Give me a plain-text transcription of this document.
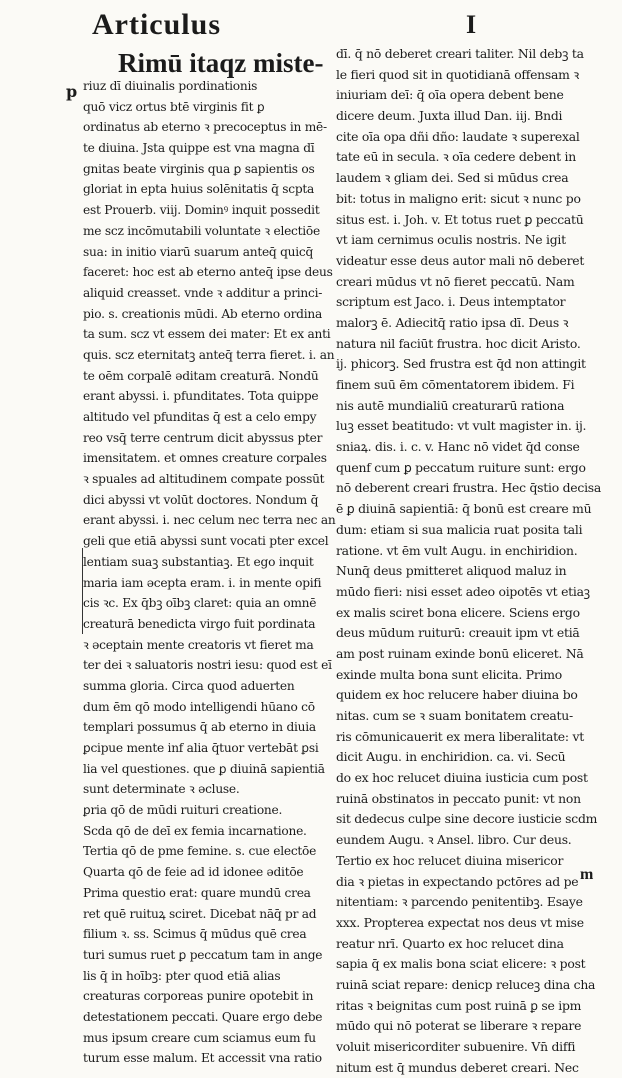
Articulus	I
Rimū itaqz miste-
p riuz dī diuinalis pordinationis
quō vicz ortus btē virginis fit ꝑ
ordinatus ab eterno ꝛ precoceptus in mē-
te diuina. Jsta quippe est vna magna dī
gnitas beate virginis qua ꝑ sapientis os
gloriat in epta huius solēnitatis q̄ scpta
est Prouerb. viij. Dominꝰ inquit possedit
me scz incōmutabili voluntate ꝛ electiōe
sua: in initio viarū suarum anteq̄ quicq̄
faceret: hoc est ab eterno anteq̄ ipse deus
aliquid creasset. vnde ꝛ additur a princi-
pio. s. creationis mūdi. Ab eterno ordina
ta sum. scz vt essem dei mater: Et ex anti
quis. scz eternitatꝫ anteq̄ terra fieret. i. an
te oēm corpalē əditam creaturā. Nondū
erant abyssi. i. pfunditates. Tota quippe
altitudo vel pfunditas q̄ est a celo empy
reo vsq̄ terre centrum dicit abyssus pter
imensitatem. et omnes creature corpales
ꝛ spuales ad altitudinem compate possūt
dici abyssi vt volūt doctores. Nondum q̄
erant abyssi. i. nec celum nec terra nec an
geli que etiā abyssi sunt vocati pter excel
lentiam suaꝫ substantiaꝫ. Et ego inquit
maria iam əcepta eram. i. in mente opifi
cis ꝛc. Ex q̄bꝫ oībꝫ claret: quia an omnē
creaturā benedicta virgo fuit pordinata
ꝛ əceptain mente creatoris vt fieret ma
ter dei ꝛ saluatoris nostri iesu: quod est eī
summa gloria. Circa quod aduerten
dum ēm qō modo intelligendi hūano cō
templari possumus q̄ ab eterno in diuia
ꝑcipue mente inf alia q̄tuor vertebāt ꝑsi
lia vel questiones. que ꝑ diuinā sapientiā
sunt determinate ꝛ əcluse.
ꝑria qō de mūdi ruituri creatione.
Scda qō de deī ex femia incarnatione.
Tertia qō de pme femine. s. cue electōe
Quarta qō de feie ad id idonee əditōe
Prima questio erat: quare mundū crea
ret quē ruituꝝ sciret. Dicebat nāq̄ pr ad
filium ꝛ. ss. Scimus q̄ mūdus quē crea
turi sumus ruet ꝑ peccatum tam in ange
lis q̄ in hoībꝫ: pter quod etiā alias
creaturas corporeas punire opotebit in
detestationem peccati. Quare ergo debe
mus ipsum creare cum sciamus eum fu
turum esse malum. Et accessit vna ratio
dī. q̄ nō deberet creari taliter. Nil debꝫ ta
le fieri quod sit in quotidianā offensam ꝛ
iniuriam deī: q̄ oīa opera debent bene
dicere deum. Juxta illud Dan. iij. Bndi
cite oīa opa dñi dño: laudate ꝛ superexal
tate eū in secula. ꝛ oīa cedere debent in
laudem ꝛ gliam dei. Sed si mūdus crea
bit: totus in maligno erit: sicut ꝛ nunc po
situs est. i. Joh. v. Et totus ruet ꝑ peccatū
vt iam cernimus oculis nostris. Ne igit
videatur esse deus autor mali nō deberet
creari mūdus vt nō fieret peccatū. Nam
scriptum est Jaco. i. Deus intemptator
malorꝫ ē. Adiecitq̄ ratio ipsa dī. Deus ꝛ
natura nil faciūt frustra. hoc dicit Aristo.
ij. phicorꝫ. Sed frustra est q̄d non attingit
finem suū ēm cōmentatorem ibidem. Fi
nis autē mundialiū creaturarū rationa
luꝫ esset beatitudo: vt vult magister in. ij.
sniaꝝ. dis. i. c. v. Hanc nō videt q̄d conse
quenf cum ꝑ peccatum ruiture sunt: ergo
nō deberent creari frustra. Hec q̄stio decisa
ē ꝑ diuinā sapientiā: q̄ bonū est creare mū
dum: etiam si sua malicia ruat posita tali
ratione. vt ēm vult Augu. in enchiridion.
Nunq̄ deus pmitteret aliquod maluz in
mūdo fieri: nisi esset adeo oipotēs vt etiaꝫ
ex malis sciret bona elicere. Sciens ergo
deus mūdum ruiturū: creauit ipm vt etiā
am post ruinam exinde bonū eliceret. Nā
exinde multa bona sunt elicita. Primo
quidem ex hoc relucere haber diuina bo
nitas. cum se ꝛ suam bonitatem creatu-
ris cōmunicauerit ex mera liberalitate: vt
dicit Augu. in enchiridion. ca. vi. Secū
do ex hoc relucet diuina iusticia cum post
ruinā obstinatos in peccato punit: vt non
sit dedecus culpe sine decore iusticie scdm
eundem Augu. ꝛ Ansel. libro. Cur deus.
Tertio ex hoc relucet diuina misericor
dia ꝛ pietas in expectando pctōres ad pe
nitentiam: ꝛ parcendo penitentibꝫ. Esaye
xxx. Propterea expectat nos deus vt mise
reatur nrī. Quarto ex hoc relucet dina
sapia q̄ ex malis bona sciat elicere: ꝛ post
ruinā sciat repare: denicp reluceꝫ dina cha
ritas ꝛ beignitas cum post ruinā ꝑ se ipm
mūdo qui nō poterat se liberare ꝛ repare
voluit misericorditer subuenire. Vn̄ diffi
nitum est q̄ mundus deberet creari. Nec
m
